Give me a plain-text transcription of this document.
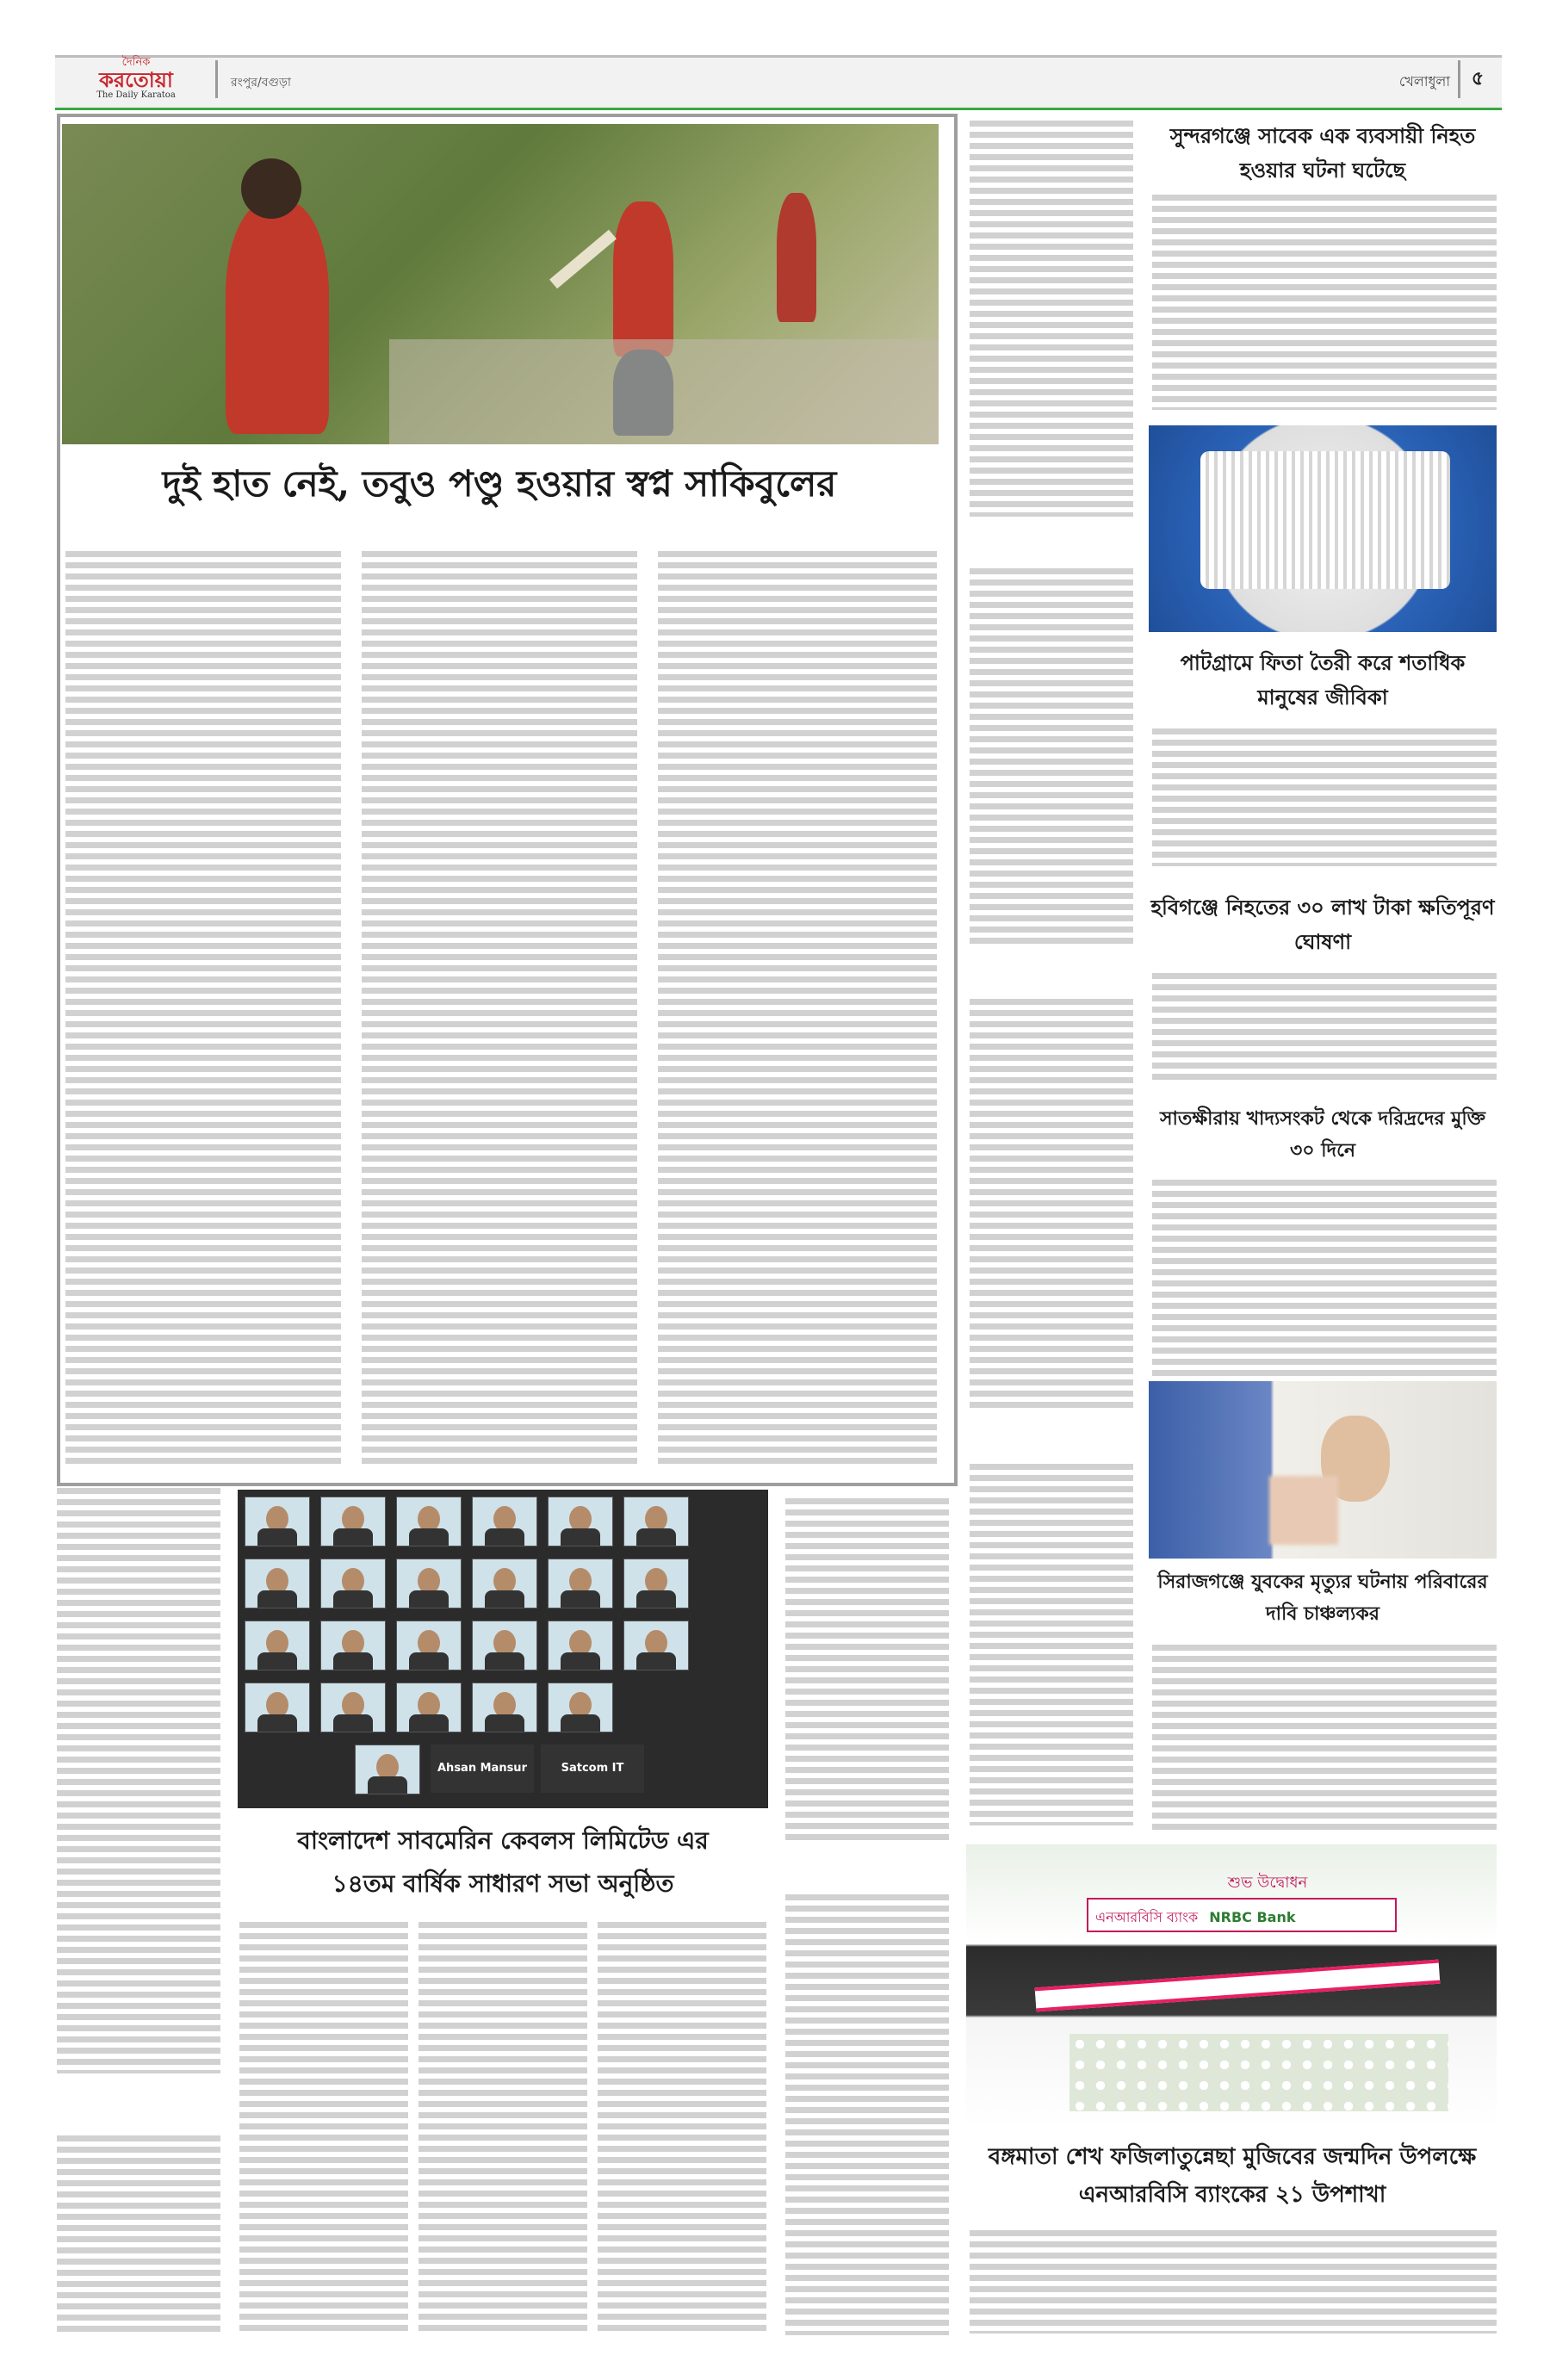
দৈনিক
করতোয়া
The Daily Karatoa
রংপুর/বগুড়া	খেলাধুলা	৫
দুই হাত নেই, তবুও পণ্ডু হওয়ার স্বপ্ন সাকিবুলের
সুন্দরগঞ্জে সাবেক এক ব্যবসায়ী নিহত হওয়ার ঘটনা ঘটেছে
পাটগ্রামে ফিতা তৈরী করে শতাধিক মানুষের জীবিকা
হবিগঞ্জে নিহতের ৩০ লাখ টাকা ক্ষতিপূরণ ঘোষণা
সাতক্ষীরায় খাদ্যসংকট থেকে দরিদ্রদের মুক্তি ৩০ দিনে
সিরাজগঞ্জে যুবকের মৃত্যুর ঘটনায় পরিবারের দাবি চাঞ্চল্যকর
শুভ উদ্বোধন
এনআরবিসি ব্যাংক NRBC Bank
বঙ্গমাতা শেখ ফজিলাতুন্নেছা মুজিবের জন্মদিন উপলক্ষে এনআরবিসি ব্যাংকের ২১ উপশাখা
Ahsan Mansur	Satcom IT
বাংলাদেশ সাবমেরিন কেবলস লিমিটেড এর
১৪তম বার্ষিক সাধারণ সভা অনুষ্ঠিত
